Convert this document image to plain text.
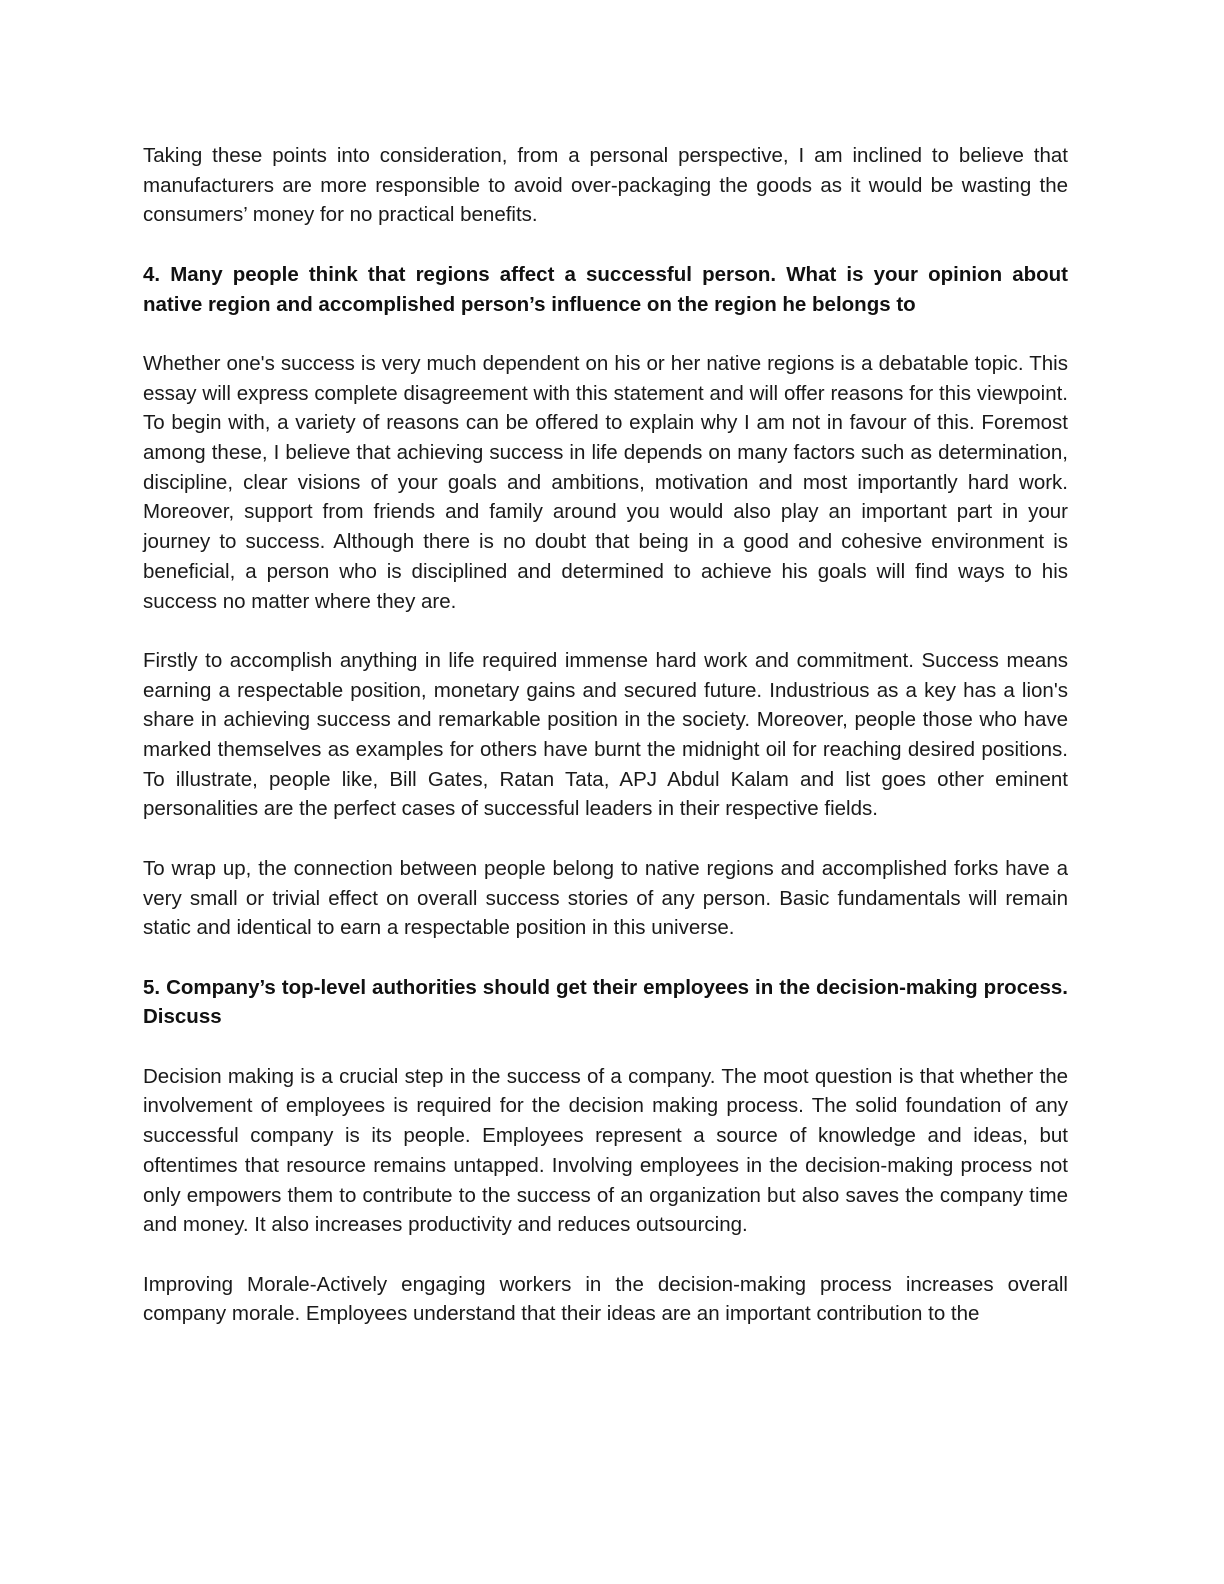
Taking these points into consideration, from a personal perspective, I am inclined to believe that manufacturers are more responsible to avoid over-packaging the goods as it would be wasting the consumers’ money for no practical benefits.

4. Many people think that regions affect a successful person. What is your opinion about native region and accomplished person’s influence on the region he belongs to

Whether one's success is very much dependent on his or her native regions is a debatable topic. This essay will express complete disagreement with this statement and will offer reasons for this viewpoint. To begin with, a variety of reasons can be offered to explain why I am not in favour of this. Foremost among these, I believe that achieving success in life depends on many factors such as determination, discipline, clear visions of your goals and ambitions, motivation and most importantly hard work. Moreover, support from friends and family around you would also play an important part in your journey to success. Although there is no doubt that being in a good and cohesive environment is beneficial, a person who is disciplined and determined to achieve his goals will find ways to his success no matter where they are.

Firstly to accomplish anything in life required immense hard work and commitment. Success means earning a respectable position, monetary gains and secured future. Industrious as a key has a lion's share in achieving success and remarkable position in the society. Moreover, people those who have marked themselves as examples for others have burnt the midnight oil for reaching desired positions. To illustrate, people like, Bill Gates, Ratan Tata, APJ Abdul Kalam and list goes other eminent personalities are the perfect cases of successful leaders in their respective fields.

To wrap up, the connection between people belong to native regions and accomplished forks have a very small or trivial effect on overall success stories of any person. Basic fundamentals will remain static and identical to earn a respectable position in this universe.

5. Company’s top-level authorities should get their employees in the decision-making process. Discuss

Decision making is a crucial step in the success of a company. The moot question is that whether the involvement of employees is required for the decision making process. The solid foundation of any successful company is its people. Employees represent a source of knowledge and ideas, but oftentimes that resource remains untapped. Involving employees in the decision-making process not only empowers them to contribute to the success of an organization but also saves the company time and money. It also increases productivity and reduces outsourcing.

Improving Morale-Actively engaging workers in the decision-making process increases overall company morale. Employees understand that their ideas are an important contribution to the
